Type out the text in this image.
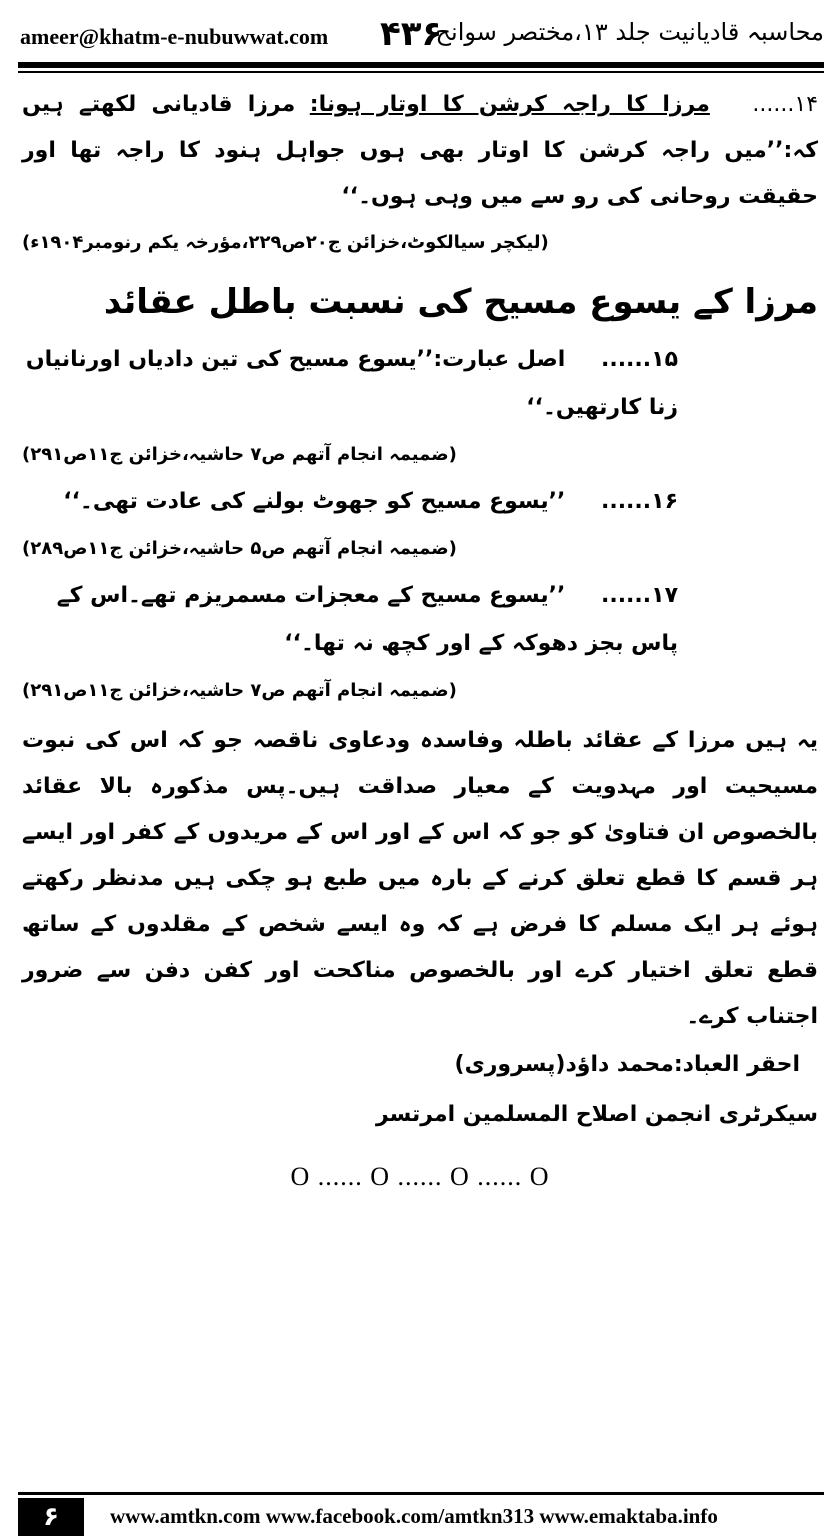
ameer@khatm-e-nubuwwat.com ۴۳۶
محاسبہ قادیانیت جلد ۱۳،مختصر سوانح

۱۴...... مرزا کا راجہ کرشن کا اوتار ہونا: مرزا قادیانی لکھتے ہیں کہ:’’میں راجہ کرشن کا اوتار بھی ہوں جواہل ہنود کا راجہ تھا اور حقیقت روحانی کی رو سے میں وہی ہوں۔‘‘

(لیکچر سیالکوٹ،خزائن ج۲۰ص۲۲۹،مؤرخہ یکم رنومبر۱۹۰۴ء)

مرزا کے یسوع مسیح کی نسبت باطل عقائد

۱۵...... اصل عبارت:’’یسوع مسیح کی تین دادیاں اورنانیاں زنا کارتھیں۔‘‘

(ضمیمہ انجام آتھم ص۷ حاشیہ،خزائن ج۱۱ص۲۹۱)

۱۶...... ’’یسوع مسیح کو جھوٹ بولنے کی عادت تھی۔‘‘

(ضمیمہ انجام آتھم ص۵ حاشیہ،خزائن ج۱۱ص۲۸۹)

۱۷...... ’’یسوع مسیح کے معجزات مسمریزم تھے۔اس کے پاس بجز دھوکہ کے اور کچھ نہ تھا۔‘‘

(ضمیمہ انجام آتھم ص۷ حاشیہ،خزائن ج۱۱ص۲۹۱)

یہ ہیں مرزا کے عقائد باطلہ وفاسدہ ودعاوی ناقصہ جو کہ اس کی نبوت مسیحیت اور مہدویت کے معیار صداقت ہیں۔پس مذکورہ بالا عقائد بالخصوص ان فتاویٰ کو جو کہ اس کے اور اس کے مریدوں کے کفر اور ایسے ہر قسم کا قطع تعلق کرنے کے بارہ میں طبع ہو چکی ہیں مدنظر رکھتے ہوئے ہر ایک مسلم کا فرض ہے کہ وہ ایسے شخص کے مقلدوں کے ساتھ قطع تعلق اختیار کرے اور بالخصوص مناکحت اور کفن دفن سے ضرور اجتناب کرے۔

احقر العباد:محمد داؤد(پسروری)

سیکرٹری انجمن اصلاح المسلمین امرتسر

O ...... O ...... O ...... O
۶	www.amtkn.com www.facebook.com/amtkn313 www.emaktaba.info
